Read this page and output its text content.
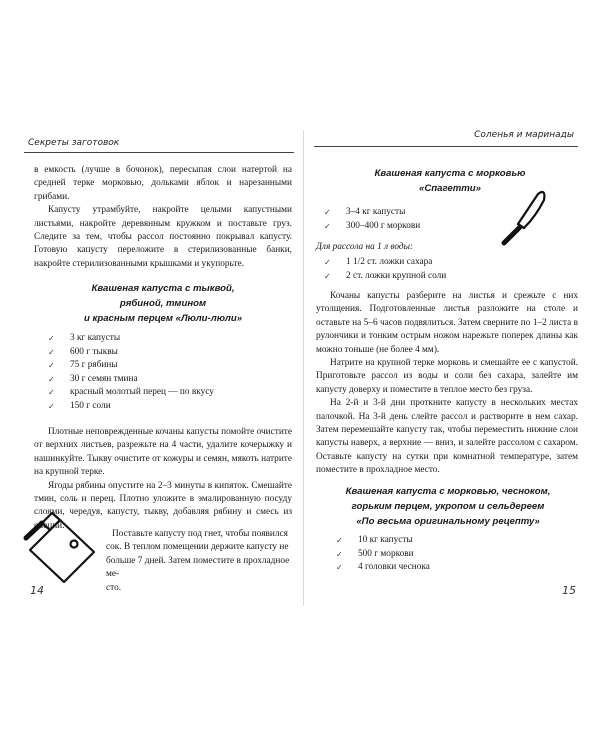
Секреты заготовок

в емкость (лучше в бочонок), пересыпая слои натертой на средней терке морковью, дольками яблок и нарезанными грибами.

Капусту утрамбуйте, накройте целыми капустными листьями, накройте деревянным кружком и поставьте груз. Следите за тем, чтобы рассол постоянно покрывал капусту. Готовую капусту переложите в стерилизованные банки, накройте стерилизованными крышками и укупорьте.

Квашеная капуста с тыквой,
рябиной, тмином
и красным перцем «Люли-люли»
✓ 3 кг капусты
✓ 600 г тыквы
✓ 75 г рябины
✓ 30 г семян тмина
✓ красный молотый перец — по вкусу
✓ 150 г соли

Плотные неповрежденные кочаны капусты помойте очистите от верхних листьев, разрежьте на 4 части, удалите кочерыжку и нашинкуйте. Тыкву очистите от кожуры и семян, мякоть натрите на крупной терке.

Ягоды рябины опустите на 2–3 минуты в кипяток. Смешайте тмин, соль и перец. Плотно уложите в эмалированную посуду слоями, чередуя, капусту, тыкву, добавляя рябину и смесь из специй.

Поставьте капусту под гнет, чтобы появился
сок. В теплом помещении держите капусту не
больше 7 дней. Затем поместите в прохладное ме-
сто.
14
Соленья и маринады
Квашеная капуста с морковью
«Спагетти»
✓ 3–4 кг капусты
✓ 300–400 г моркови
Для рассола на 1 л воды:
✓ 1 1/2 ст. ложки сахара
✓ 2 ст. ложки крупной соли

Кочаны капусты разберите на листья и срежьте с них утолщения. Подготовленные листья разложите на столе и оставьте на 5–6 часов подвялиться. Затем сверните по 1–2 листа в рулончики и тонким острым ножом нарежьте поперек длины как можно тоньше (не более 4 мм).

Натрите на крупной терке морковь и смешайте ее с капустой. Приготовьте рассол из воды и соли без сахара, залейте им капусту доверху и поместите в теплое место без груза.

На 2-й и 3-й дни проткните капусту в нескольких местах палочкой. На 3-й день слейте рассол и растворите в нем сахар. Затем перемешайте капусту так, чтобы переместить нижние слои капусты наверх, а верхние — вниз, и залейте рассолом с сахаром. Оставьте капусту на сутки при комнатной температуре, затем поместите в прохладное место.

Квашеная капуста с морковью, чесноком,
горьким перцем, укропом и сельдереем
«По весьма оригинальному рецепту»
✓ 10 кг капусты
✓ 500 г моркови
✓ 4 головки чеснока
15
